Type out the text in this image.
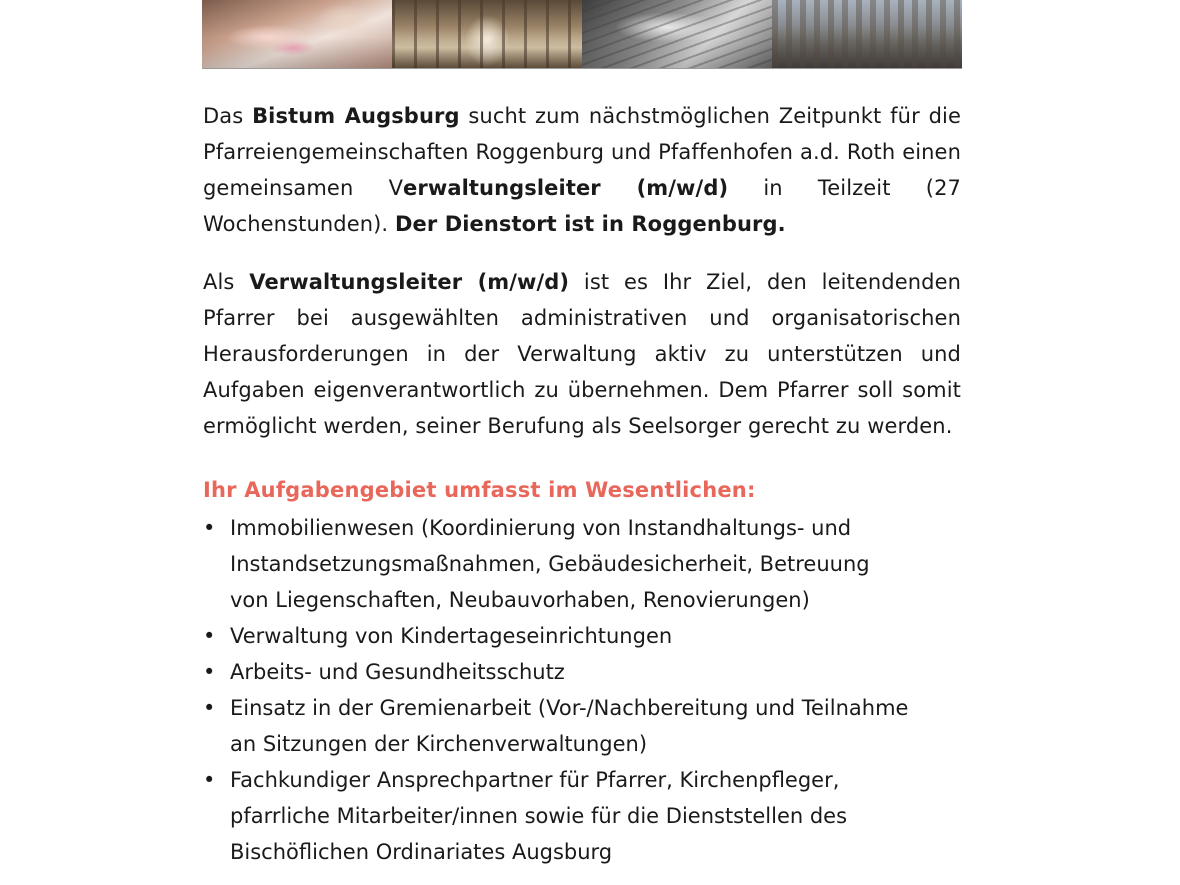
Das Bistum Augsburg sucht zum nächstmöglichen Zeitpunkt für die Pfarreiengemeinschaften Roggenburg und Pfaffenhofen a.d. Roth einen gemeinsamen Verwaltungsleiter (m/w/d) in Teilzeit (27 Wochenstunden). Der Dienstort ist in Roggenburg.

Als Verwaltungsleiter (m/w/d) ist es Ihr Ziel, den leitendenden Pfarrer bei ausgewählten administrativen und organisatorischen Herausforderungen in der Verwaltung aktiv zu unterstützen und Aufgaben eigenverantwortlich zu übernehmen. Dem Pfarrer soll somit ermöglicht werden, seiner Berufung als Seelsorger gerecht zu werden.

Ihr Aufgabengebiet umfasst im Wesentlichen:
• Immobilienwesen (Koordinierung von Instandhaltungs- und Instandsetzungsmaßnahmen, Gebäudesicherheit, Betreuung von Liegenschaften, Neubauvorhaben, Renovierungen)
• Verwaltung von Kindertageseinrichtungen
• Arbeits- und Gesundheitsschutz
• Einsatz in der Gremienarbeit (Vor-/Nachbereitung und Teilnahme an Sitzungen der Kirchenverwaltungen)
• Fachkundiger Ansprechpartner für Pfarrer, Kirchenpfleger, pfarrliche Mitarbeiter/innen sowie für die Dienststellen des Bischöflichen Ordinariates Augsburg
